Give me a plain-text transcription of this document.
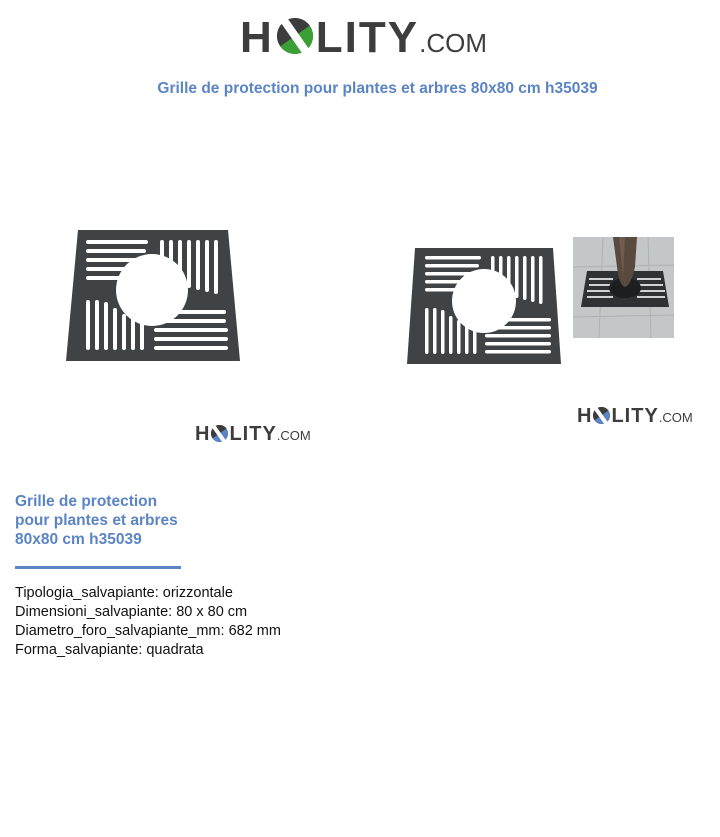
H LITY.COM
Grille de protection pour plantes et arbres 80x80 cm h35039
H LITY.COM
H LITY.COM
Grille de protection pour plantes et arbres 80x80 cm h35039
Tipologia_salvapiante: orizzontale
Dimensioni_salvapiante: 80 x 80 cm
Diametro_foro_salvapiante_mm: 682 mm
Forma_salvapiante: quadrata
